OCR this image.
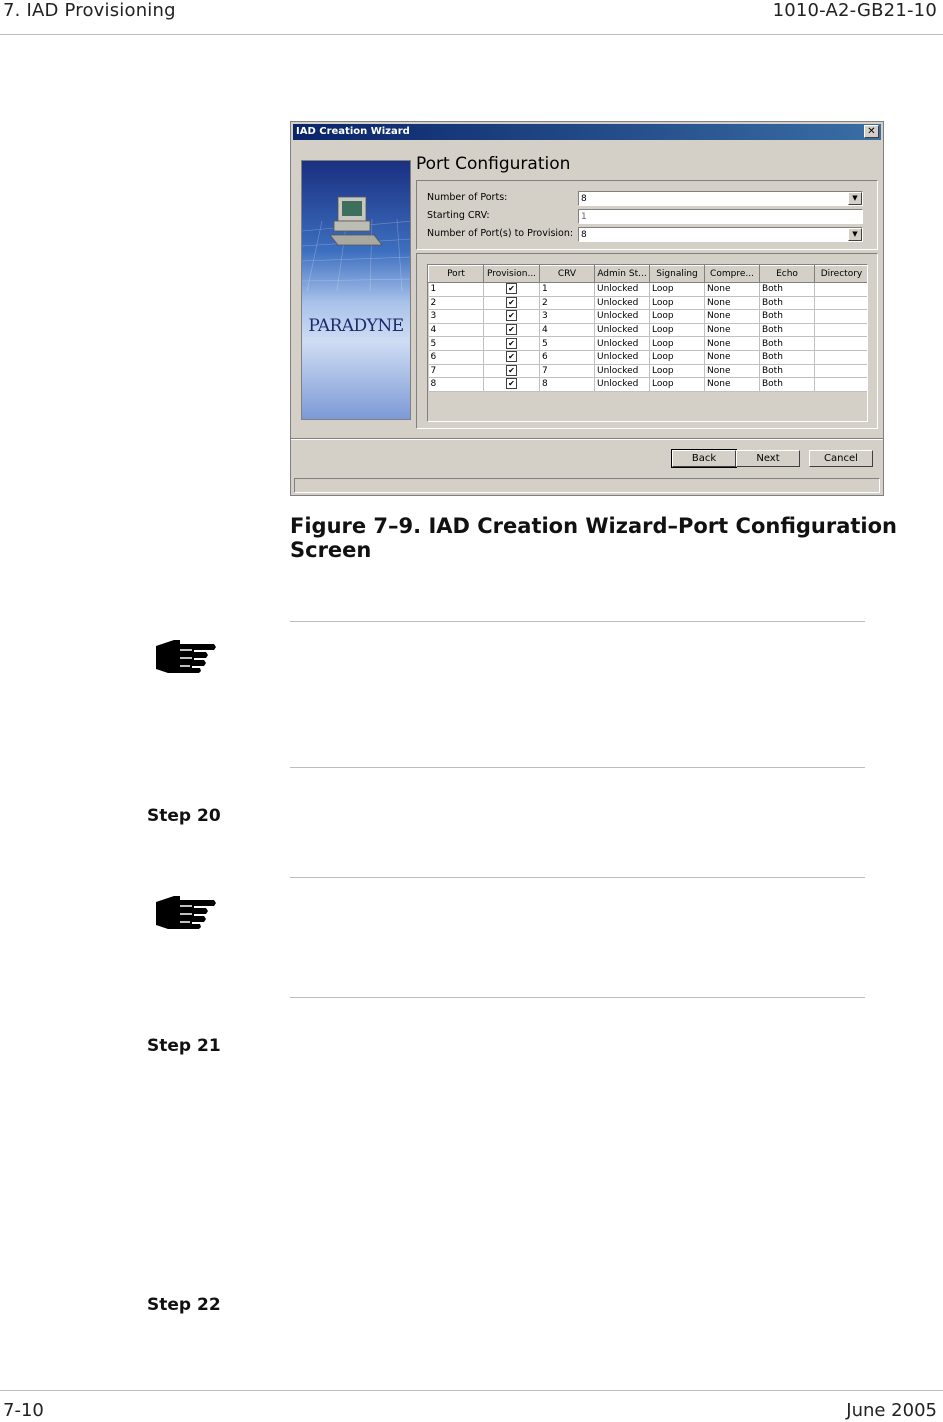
7. IAD Provisioning	1010-A2-GB21-10
IAD Creation Wizard	✕
PARADYNE
Port Configuration
Number of Ports:	8	▼
Starting CRV:	1
Number of Port(s) to Provision: 8	▼
Port	Provision...	CRV	Admin St...	Signaling	Compre...	Echo	Directory
1	✔	1	Unlocked	Loop	None	Both	
2	✔	2	Unlocked	Loop	None	Both	
3	✔	3	Unlocked	Loop	None	Both	
4	✔	4	Unlocked	Loop	None	Both	
5	✔	5	Unlocked	Loop	None	Both	
6	✔	6	Unlocked	Loop	None	Both	
7	✔	7	Unlocked	Loop	None	Both	
8	✔	8	Unlocked	Loop	None	Both	

Back	Next	Cancel
Figure 7–9. IAD Creation Wizard–Port Configuration Screen
Step 20
Step 21
Step 22
7-10	June 2005
